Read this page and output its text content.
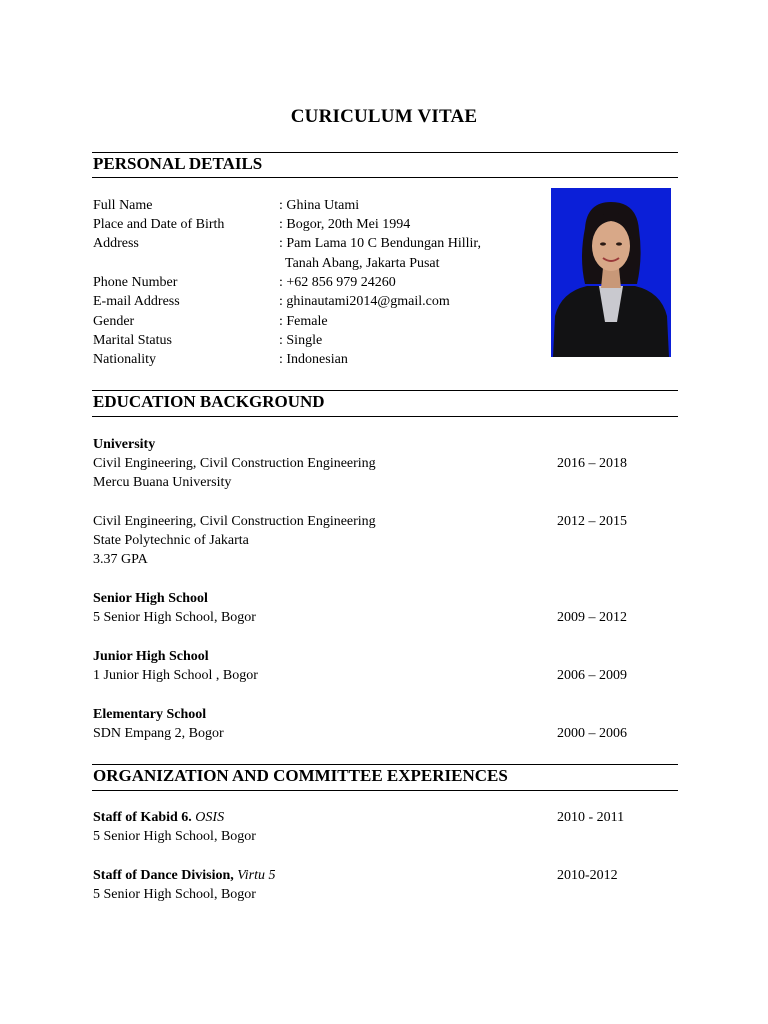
CURICULUM VITAE
PERSONAL DETAILS
Full Name	: Ghina Utami
Place and Date of Birth	: Bogor, 20th Mei 1994
Address	: Pam Lama 10 C Bendungan Hillir,
Tanah Abang, Jakarta Pusat
Phone Number	: +62 856 979 24260
E-mail Address	: ghinautami2014@gmail.com
Gender	: Female
Marital Status	: Single
Nationality	: Indonesian
EDUCATION BACKGROUND
University
Civil Engineering, Civil Construction Engineering	2016 – 2018
Mercu Buana University
Civil Engineering, Civil Construction Engineering	2012 – 2015
State Polytechnic of Jakarta
3.37 GPA
Senior High School
5 Senior High School, Bogor	2009 – 2012
Junior High School
1 Junior High School , Bogor	2006 – 2009
Elementary School
SDN Empang 2, Bogor	2000 – 2006
ORGANIZATION AND COMMITTEE EXPERIENCES
Staff of Kabid 6. OSIS	2010 - 2011
5 Senior High School, Bogor
Staff of Dance Division, Virtu 5	2010-2012
5 Senior High School, Bogor
